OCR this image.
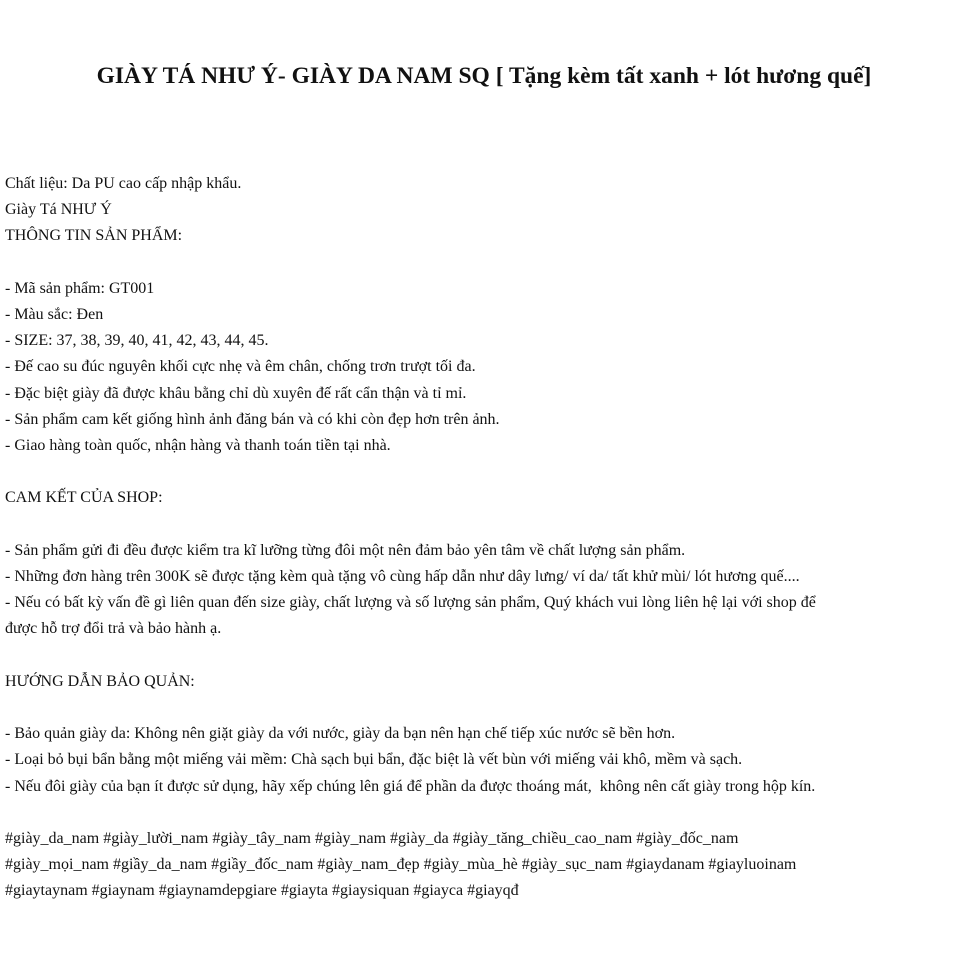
GIÀY TÁ NHƯ Ý- GIÀY DA NAM SQ [ Tặng kèm tất xanh + lót hương quế]
Chất liệu: Da PU cao cấp nhập khẩu.
Giày Tá NHƯ Ý
THÔNG TIN SẢN PHẨM:
- Mã sản phẩm: GT001
- Màu sắc: Đen
- SIZE: 37, 38, 39, 40, 41, 42, 43, 44, 45.
- Đế cao su đúc nguyên khối cực nhẹ và êm chân, chống trơn trượt tối đa.
- Đặc biệt giày đã được khâu bằng chỉ dù xuyên đế rất cẩn thận và tỉ mỉ.
- Sản phẩm cam kết giống hình ảnh đăng bán và có khi còn đẹp hơn trên ảnh.
- Giao hàng toàn quốc, nhận hàng và thanh toán tiền tại nhà.
CAM KẾT CỦA SHOP:
- Sản phẩm gửi đi đều được kiểm tra kĩ lưỡng từng đôi một nên đảm bảo yên tâm về chất lượng sản phẩm.
- Những đơn hàng trên 300K sẽ được tặng kèm quà tặng vô cùng hấp dẫn như dây lưng/ ví da/ tất khử mùi/ lót hương quế....
- Nếu có bất kỳ vấn đề gì liên quan đến size giày, chất lượng và số lượng sản phẩm, Quý khách vui lòng liên hệ lại với shop để
được hỗ trợ đổi trả và bảo hành ạ.
HƯỚNG DẪN BẢO QUẢN:
- Bảo quản giày da: Không nên giặt giày da với nước, giày da bạn nên hạn chế tiếp xúc nước sẽ bền hơn.
- Loại bỏ bụi bẩn bằng một miếng vải mềm: Chà sạch bụi bẩn, đặc biệt là vết bùn với miếng vải khô, mềm và sạch.
- Nếu đôi giày của bạn ít được sử dụng, hãy xếp chúng lên giá để phần da được thoáng mát,  không nên cất giày trong hộp kín.
#giày_da_nam #giày_lười_nam #giày_tây_nam #giày_nam #giày_da #giày_tăng_chiều_cao_nam #giày_đốc_nam
#giày_mọi_nam #giầy_da_nam #giầy_đốc_nam #giày_nam_đẹp #giày_mùa_hè #giày_sục_nam #giaydanam #giayluoinam
#giaytaynam #giaynam #giaynamdepgiare #giayta #giaysiquan #giayca #giayqđ
